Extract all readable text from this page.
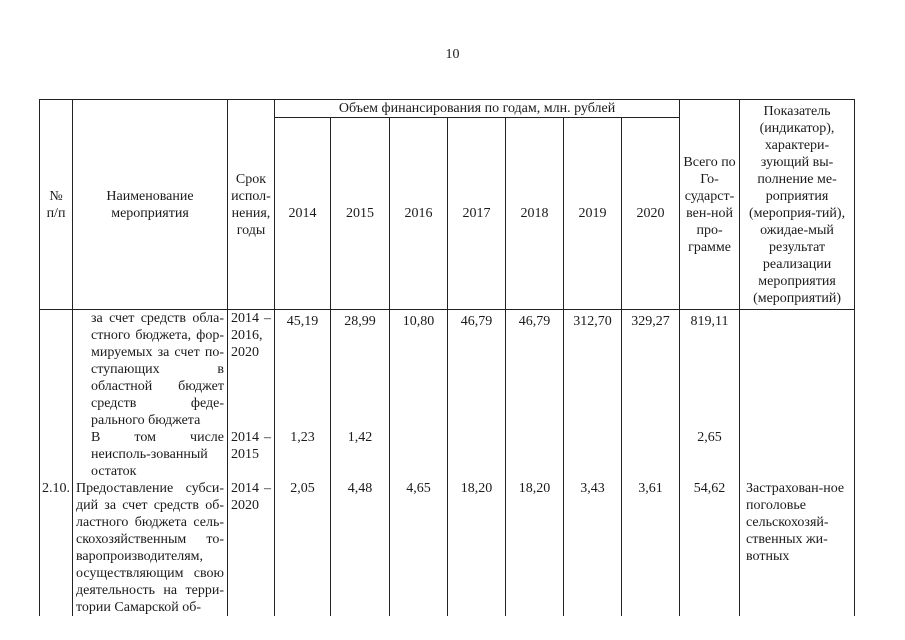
10
№ п/п	Наименование мероприятия	Срок испол-нения, годы	Объем финансирования по годам, млн. рублей							Всего по Го-сударст-вен-ной про-грамме	Показатель (индикатор), характери-зующий вы-полнение ме-роприятия (мероприя-тий), ожидае-мый результат реализации мероприятия (мероприятий)
			2014	2015	2016	2017	2018	2019	2020		
	за счет средств обла-стного бюджета, фор-мируемых за счет по-ступающих в областной бюджет средств феде-рального бюджета	2014 – 2016, 2020	45,19	28,99	10,80	46,79	46,79	312,70	329,27	819,11	
	В том числе неисполь-зованный остаток	2014 – 2015	1,23	1,42						2,65	
2.10.	Предоставление субси-дий за счет средств об-ластного бюджета сель-скохозяйственным то-варопроизводителям, осуществляющим свою деятельность на терри-тории Самарской об-	2014 – 2020	2,05	4,48	4,65	18,20	18,20	3,43	3,61	54,62	Застрахован-ное поголовье сельскохозяй-ственных жи-вотных
